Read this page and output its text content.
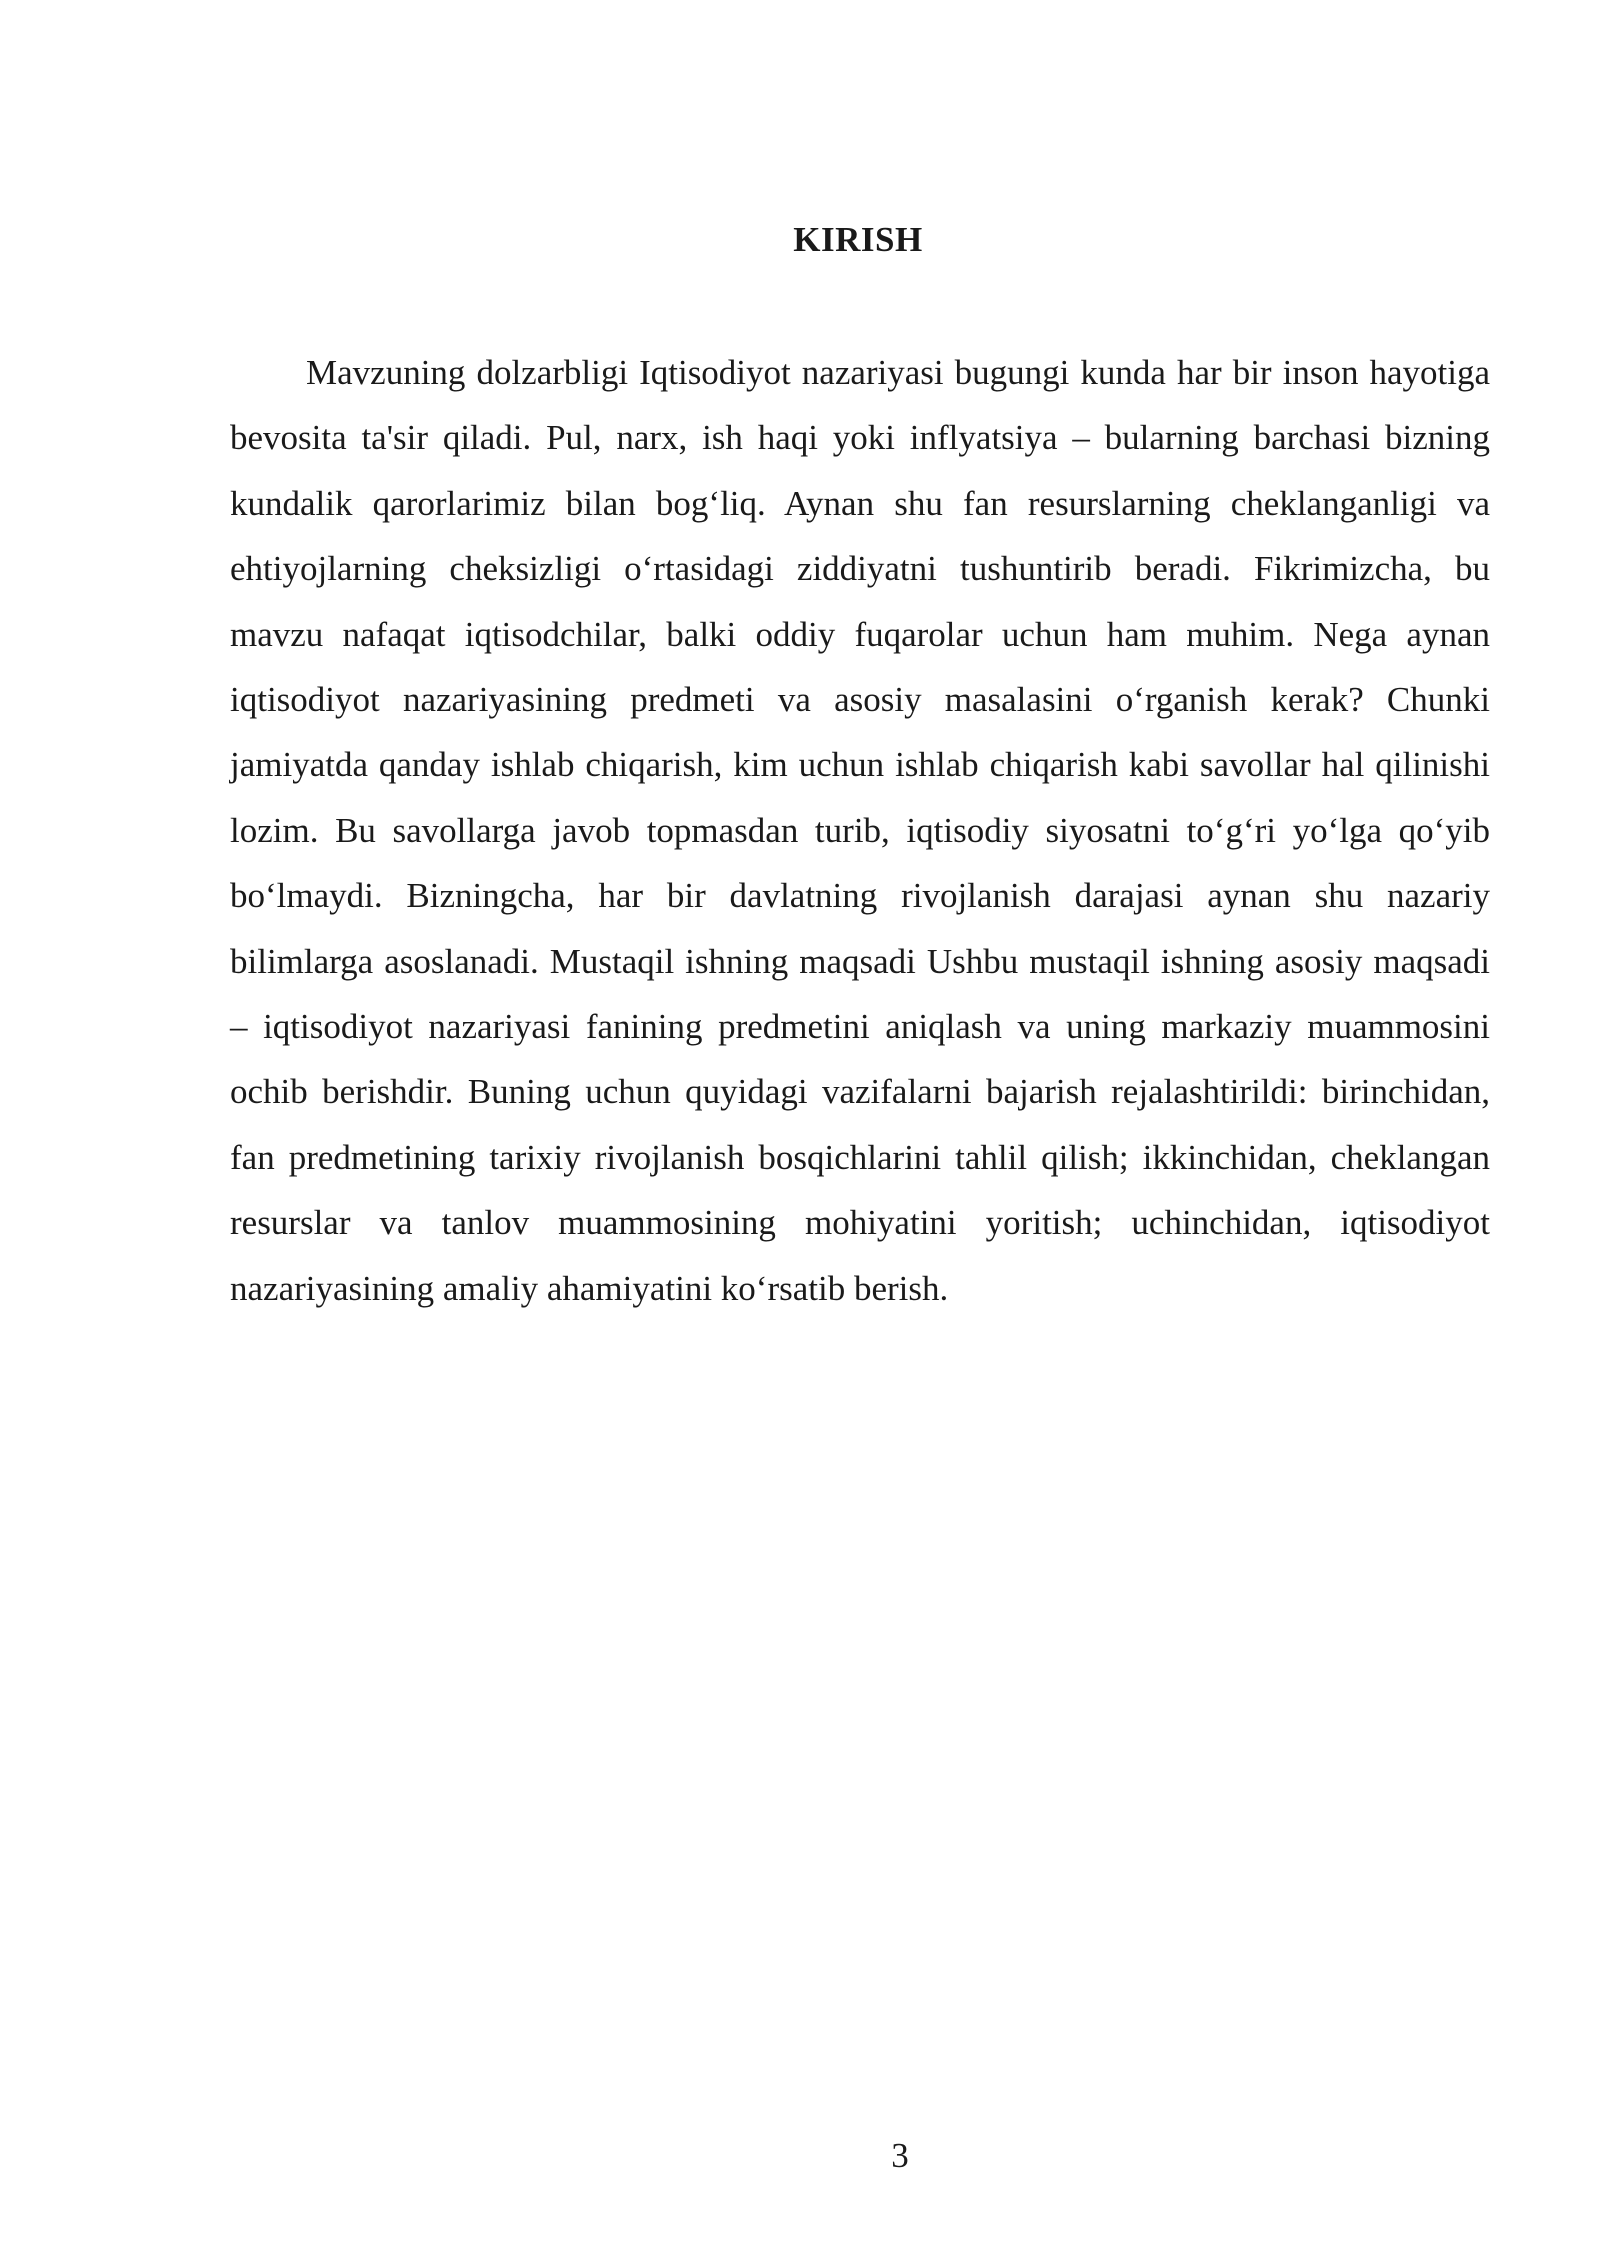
KIRISH

Mavzuning dolzarbligi Iqtisodiyot nazariyasi bugungi kunda har bir inson hayotiga bevosita ta'sir qiladi. Pul, narx, ish haqi yoki inflyatsiya – bularning barchasi bizning kundalik qarorlarimiz bilan bog‘liq. Aynan shu fan resurslarning cheklanganligi va ehtiyojlarning cheksizligi o‘rtasidagi ziddiyatni tushuntirib beradi. Fikrimizcha, bu mavzu nafaqat iqtisodchilar, balki oddiy fuqarolar uchun ham muhim. Nega aynan iqtisodiyot nazariyasining predmeti va asosiy masalasini o‘rganish kerak? Chunki jamiyatda qanday ishlab chiqarish, kim uchun ishlab chiqarish kabi savollar hal qilinishi lozim. Bu savollarga javob topmasdan turib, iqtisodiy siyosatni to‘g‘ri yo‘lga qo‘yib bo‘lmaydi. Bizningcha, har bir davlatning rivojlanish darajasi aynan shu nazariy bilimlarga asoslanadi. Mustaqil ishning maqsadi Ushbu mustaqil ishning asosiy maqsadi – iqtisodiyot nazariyasi fanining predmetini aniqlash va uning markaziy muammosini ochib berishdir. Buning uchun quyidagi vazifalarni bajarish rejalashtirildi: birinchidan, fan predmetining tarixiy rivojlanish bosqichlarini tahlil qilish; ikkinchidan, cheklangan resurslar va tanlov muammosining mohiyatini yoritish; uchinchidan, iqtisodiyot nazariyasining amaliy ahamiyatini ko‘rsatib berish.

3
